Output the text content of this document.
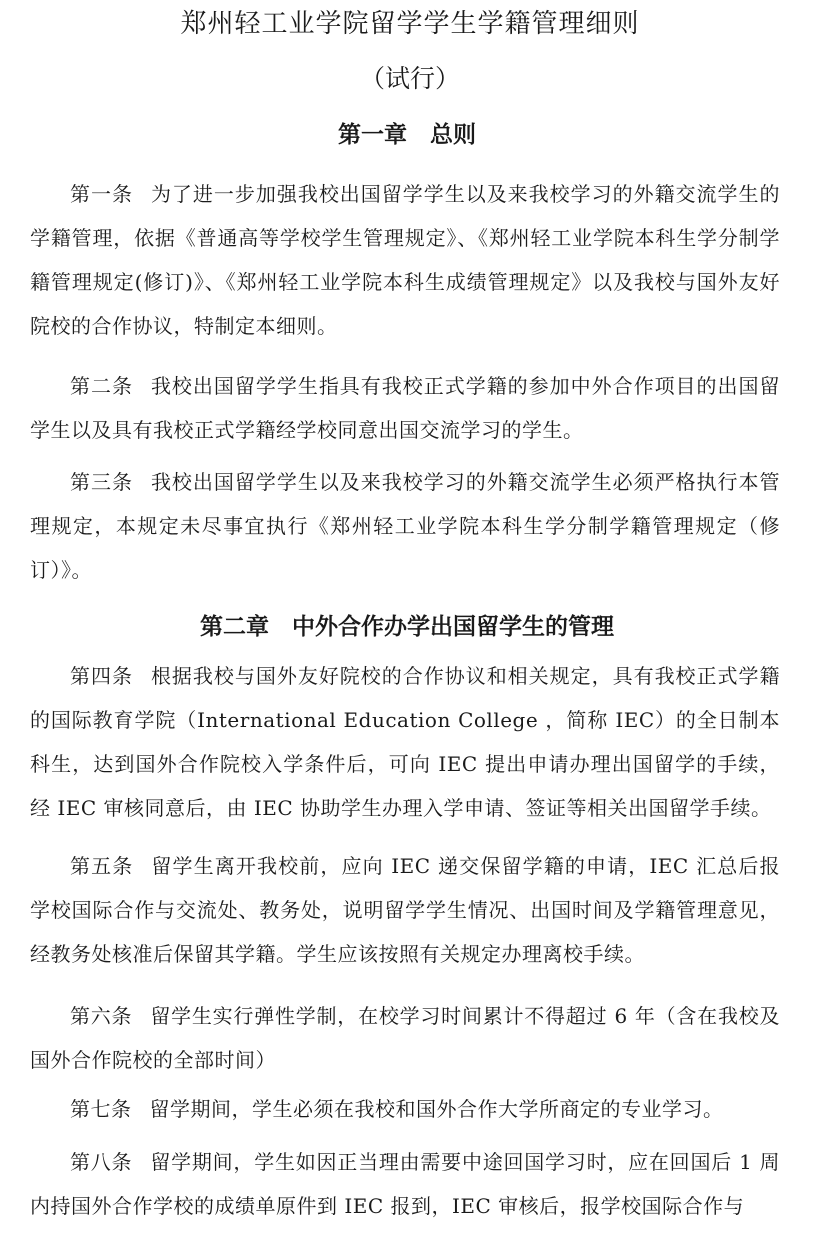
郑州轻工业学院留学学生学籍管理细则
（试行）
第一章　总则
第一条 为了进一步加强我校出国留学学生以及来我校学习的外籍交流学生的学籍管理，依据《普通高等学校学生管理规定》、《郑州轻工业学院本科生学分制学籍管理规定(修订)》、《郑州轻工业学院本科生成绩管理规定》以及我校与国外友好院校的合作协议，特制定本细则。
第二条 我校出国留学学生指具有我校正式学籍的参加中外合作项目的出国留学生以及具有我校正式学籍经学校同意出国交流学习的学生。
第三条 我校出国留学学生以及来我校学习的外籍交流学生必须严格执行本管理规定，本规定未尽事宜执行《郑州轻工业学院本科生学分制学籍管理规定（修订）》。
第二章　中外合作办学出国留学生的管理
第四条 根据我校与国外友好院校的合作协议和相关规定，具有我校正式学籍的国际教育学院（International Education College ，简称 IEC）的全日制本科生，达到国外合作院校入学条件后，可向 IEC 提出申请办理出国留学的手续，经 IEC 审核同意后，由 IEC 协助学生办理入学申请、签证等相关出国留学手续。
第五条 留学生离开我校前，应向 IEC 递交保留学籍的申请，IEC 汇总后报学校国际合作与交流处、教务处，说明留学学生情况、出国时间及学籍管理意见，经教务处核准后保留其学籍。学生应该按照有关规定办理离校手续。
第六条 留学生实行弹性学制，在校学习时间累计不得超过 6 年（含在我校及国外合作院校的全部时间）
第七条 留学期间，学生必须在我校和国外合作大学所商定的专业学习。
第八条 留学期间，学生如因正当理由需要中途回国学习时，应在回国后 1 周内持国外合作学校的成绩单原件到 IEC 报到，IEC 审核后，报学校国际合作与
